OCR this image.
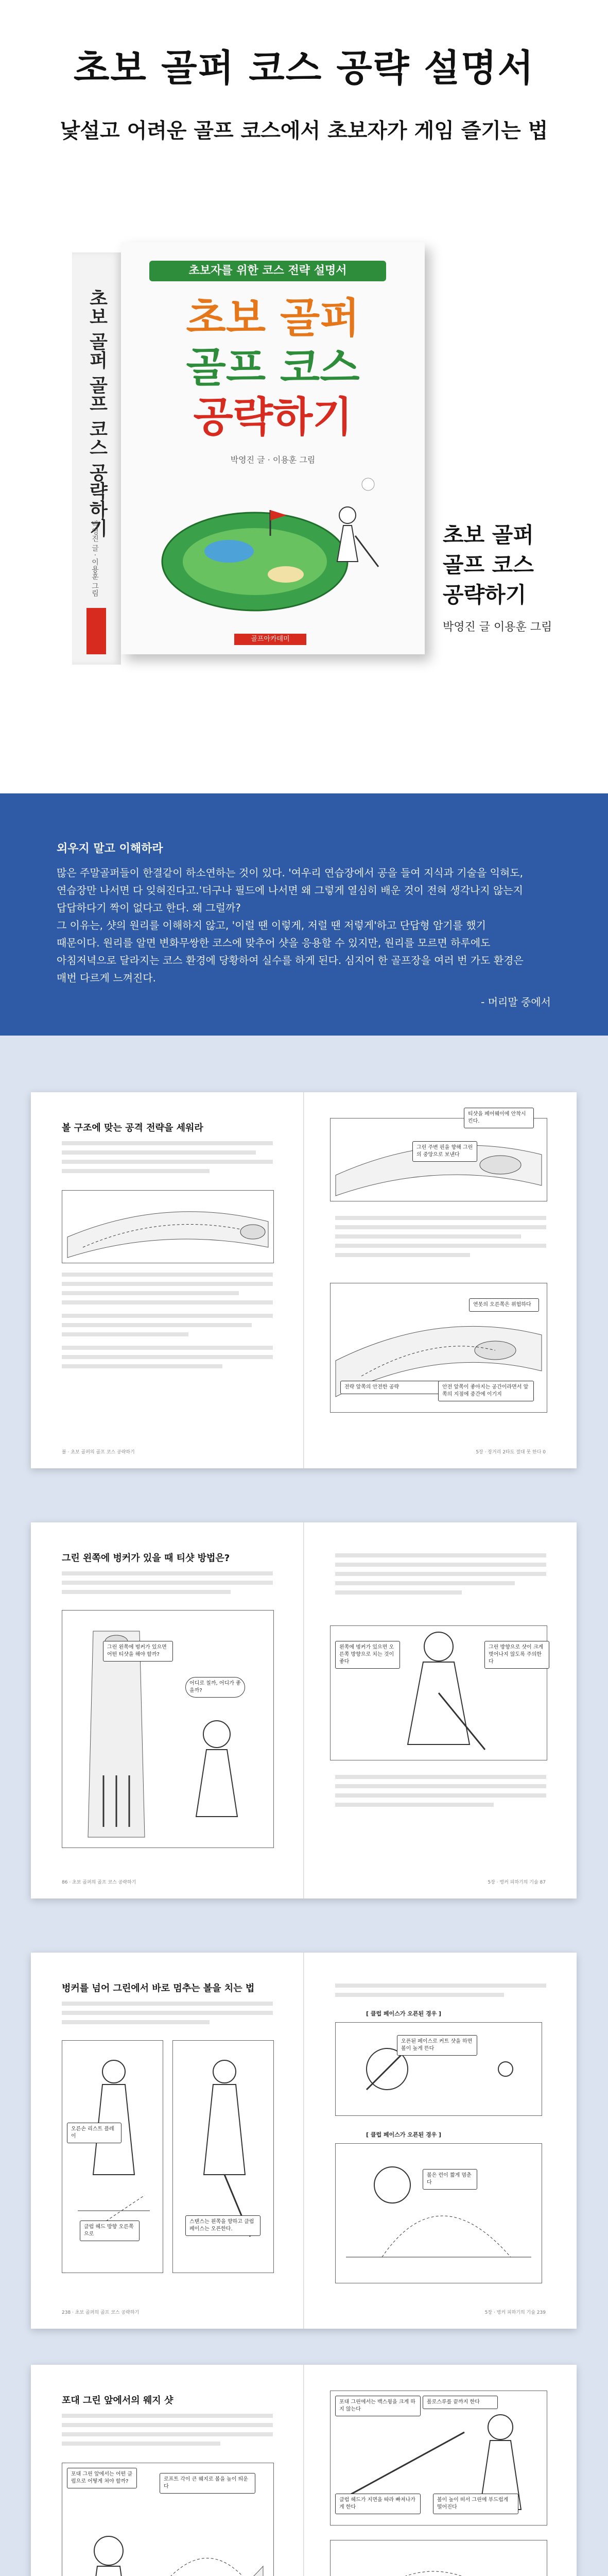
초보 골퍼 코스 공략 설명서
낯설고 어려운 골프 코스에서 초보자가 게임 즐기는 법
초보 골퍼 골프 코스 공략하기
박영진 글 · 이용훈 그림
초보자를 위한 코스 전략 설명서
초보 골퍼
골프 코스
공략하기
박영진 글 · 이용훈 그림
골프아카데미
초보 골퍼
골프 코스
공략하기
박영진 글 이용훈 그림
외우지 말고 이해하라
많은 주말골퍼들이 한결같이 하소연하는 것이 있다. '여우리 연습장에서 공을 들여 지식과 기술을 익혀도,
연습장만 나서면 다 잊혀진다고.'더구나 필드에 나서면 왜 그렇게 열심히 배운 것이 전혀 생각나지 않는지
답답하다기 짝이 없다고 한다. 왜 그럴까?
그 이유는, 샷의 원리를 이해하지 않고, '이럴 땐 이렇게, 저럴 땐 저렇게'하고 단답형 암기를 했기
때문이다. 원리를 알면 변화무쌍한 코스에 맞추어 샷을 응용할 수 있지만, 원리를 모르면 하루에도
아침저녁으로 달라지는 코스 환경에 당황하여 실수를 하게 된다. 심지어 한 골프장을 여러 번 가도 환경은
매번 다르게 느껴진다.
- 머리말 중에서
볼 구조에 맞는 공격 전략을 세워라
볼 · 초보 골퍼의 골프 코스 공략하기
티샷을 페어웨이에 안착시킨다.
그린 주변 핀을 향해 그린의 중앙으로 보낸다
연못의 오른쪽은 위험하다
전략 앞쪽의 안전한 공략	안전 앞쪽이 좋아지는 공간이라면서 앞쪽의 지점에 중간에 이기지
5장 · 장거리 2타도 절대 못 한다 0
그린 왼쪽에 벙커가 있을 때 티샷 방법은?
그린 왼쪽에 벙커가 있으면 어떤 티샷을 해야 할까?
어디로 칠까, 어디가 좋을까?
86 · 초보 골퍼의 골프 코스 공략하기
왼쪽에 벙커가 있으면 오른쪽 방향으로 치는 것이 좋다
그린 방향으로 샷이 크게 벗어나지 않도록 주의한다
5장 · 벙커 피하기의 기술 87
벙커를 넘어 그린에서 바로 멈추는 볼을 치는 법
오른손 리스트 플레이
클럽 헤드 방향 오른쪽으로
스탠스는 왼쪽을 향하고 클럽 페이스는 오픈한다.
238 · 초보 골퍼의 골프 코스 공략하기
[ 클럽 페이스가 오픈된 경우 ]
오픈된 페이스로 커트 샷을 하면 볼이 높게 뜬다
[ 클럽 페이스가 오픈된 경우 ]
볼은 런이 짧게 멈춘다
5장 · 벙커 피하기의 기술 239
포대 그린 앞에서의 웨지 샷
포대 그린 앞에서는 어떤 클럽으로 어떻게 쳐야 할까?	로프트 각이 큰 웨지로 볼을 높이 띄운다
포대 그린에서는 백스윙을 크게 하지 않는다
폴로스루를 끝까지 한다
클럽 헤드가 지면을 따라 빠져나가게 한다
볼이 높이 떠서 그린에 부드럽게 떨어진다
